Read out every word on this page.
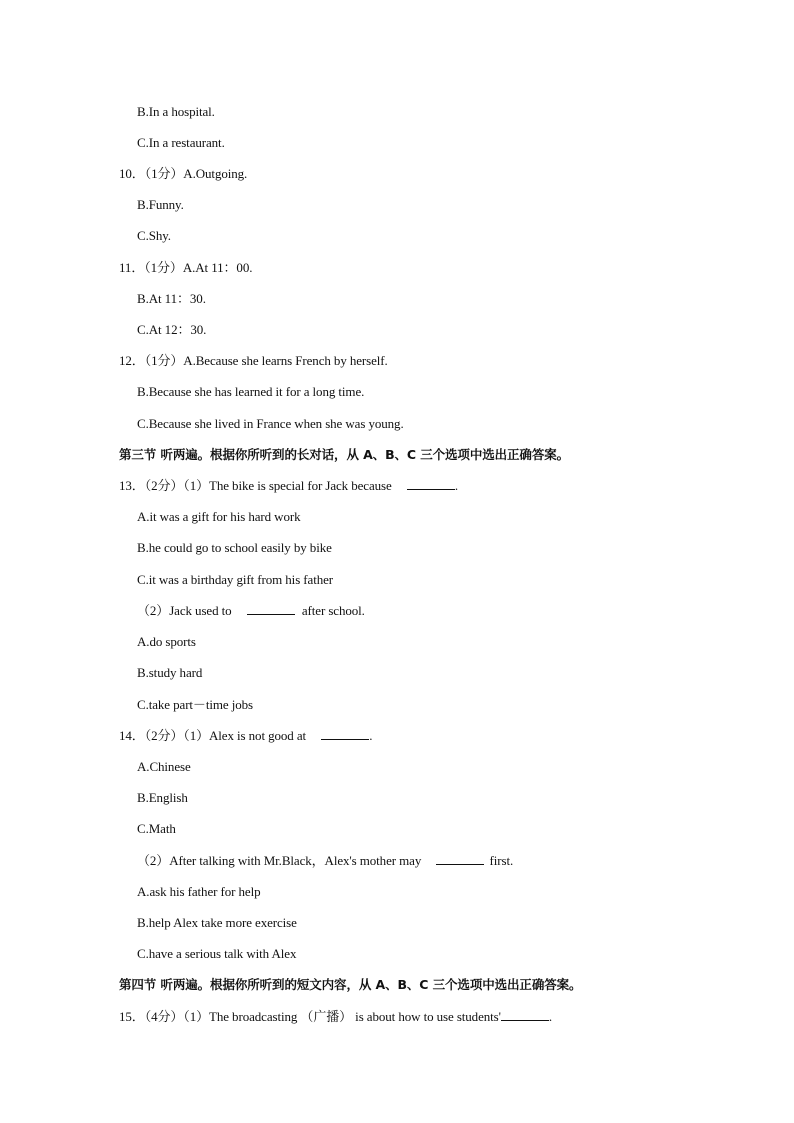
B.In a hospital.
C.In a restaurant.
10．（1分）A.Outgoing.
B.Funny.
C.Shy.
11．（1分）A.At 11：00.
B.At 11：30.
C.At 12：30.
12．（1分）A.Because she learns French by herself.
B.Because she has learned it for a long time.
C.Because she lived in France when she was young.
第三节 听两遍。根据你所听到的长对话，从 A、B、C 三个选项中选出正确答案。
13．（2分）（1）The bike is special for Jack because	.
A.it was a gift for his hard work
B.he could go to school easily by bike
C.it was a birthday gift from his father
（2）Jack used to	after school.
A.do sports
B.study hard
C.take part－time jobs
14．（2分）（1）Alex is not good at	.
A.Chinese
B.English
C.Math
（2）After talking with Mr.Black，Alex's mother may	first.
A.ask his father for help
B.help Alex take more exercise
C.have a serious talk with Alex
第四节 听两遍。根据你所听到的短文内容，从 A、B、C 三个选项中选出正确答案。
15．（4分）（1）The broadcasting （广播） is about how to use students'	.
